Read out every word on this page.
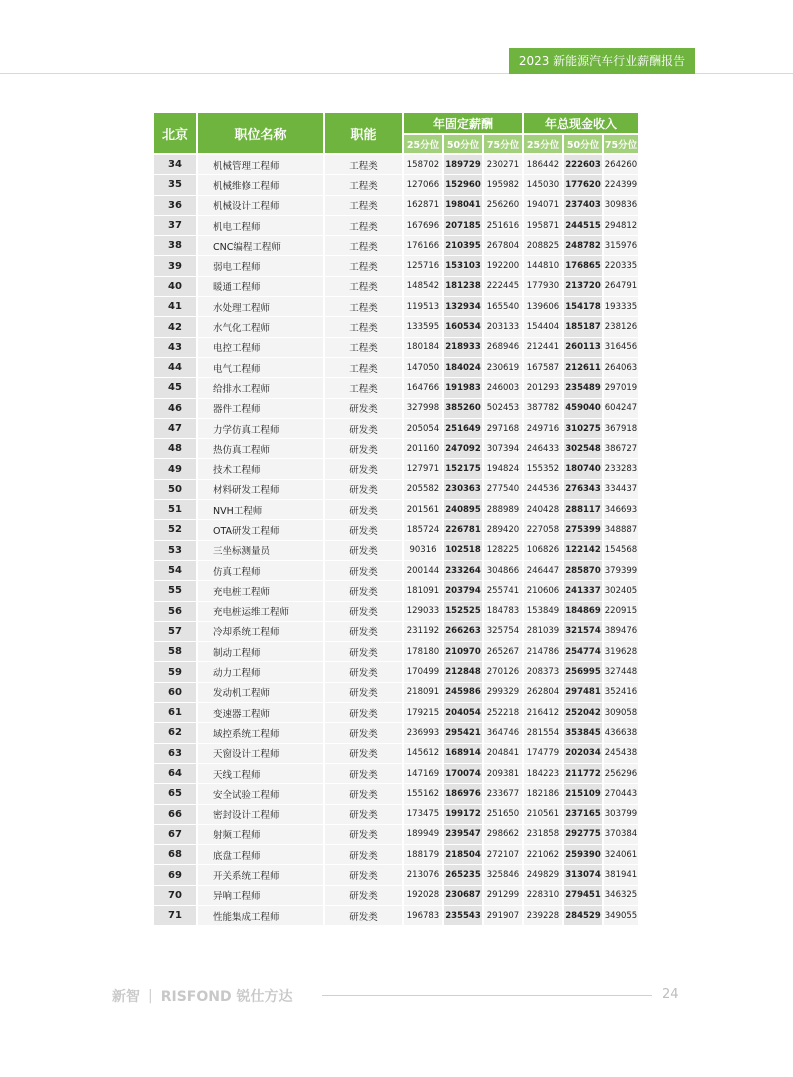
2023 新能源汽车行业薪酬报告
北京	职位名称	职能
年固定薪酬	年总现金收入
25分位 50分位 75分位 25分位 50分位 75分位
34	机械管理工程师	工程类	158702 189729 230271 186442 222603 264260
35	机械维修工程师	工程类	127066 152960 195982 145030 177620 224399
36	机械设计工程师	工程类	162871 198041 256260 194071 237403 309836
37	机电工程师	工程类	167696 207185 251616 195871 244515 294812
38	CNC编程工程师	工程类	176166 210395 267804 208825 248782 315976
39	弱电工程师	工程类	125716 153103 192200 144810 176865 220335
40	暖通工程师	工程类	148542 181238 222445 177930 213720 264791
41	水处理工程师	工程类	119513 132934 165540 139606 154178 193335
42	水气化工程师	工程类	133595 160534 203133 154404 185187 238126
43	电控工程师	工程类	180184 218933 268946 212441 260113 316456
44	电气工程师	工程类	147050 184024 230619 167587 212611 264063
45	给排水工程师	工程类	164766 191983 246003 201293 235489 297019
46	器件工程师	研发类	327998 385260 502453 387782 459040 604247
47	力学仿真工程师	研发类	205054 251649 297168 249716 310275 367918
48	热仿真工程师	研发类	201160 247092 307394 246433 302548 386727
49	技术工程师	研发类	127971 152175 194824 155352 180740 233283
50	材料研发工程师	研发类	205582 230363 277540 244536 276343 334437
51	NVH工程师	研发类	201561 240895 288989 240428 288117 346693
52	OTA研发工程师	研发类	185724 226781 289420 227058 275399 348887
53	三坐标测量员	研发类	90316	102518 128225 106826 122142 154568
54	仿真工程师	研发类	200144 233264 304866 246447 285870 379399
55	充电桩工程师	研发类	181091 203794 255741 210606 241337 302405
56	充电桩运维工程师	研发类	129033 152525 184783 153849 184869 220915
57	冷却系统工程师	研发类	231192 266263 325754 281039 321574 389476
58	制动工程师	研发类	178180 210970 265267 214786 254774 319628
59	动力工程师	研发类	170499 212848 270126 208373 256995 327448
60	发动机工程师	研发类	218091 245986 299329 262804 297481 352416
61	变速器工程师	研发类	179215 204054 252218 216412 252042 309058
62	域控系统工程师	研发类	236993 295421 364746 281554 353845 436638
63	天窗设计工程师	研发类	145612 168914 204841 174779 202034 245438
64	天线工程师	研发类	147169 170074 209381 184223 211772 256296
65	安全试验工程师	研发类	155162 186976 233677 182186 215109 270443
66	密封设计工程师	研发类	173475 199172 251650 210561 237165 303799
67	射频工程师	研发类	189949 239547 298662 231858 292775 370384
68	底盘工程师	研发类	188179 218504 272107 221062 259390 324061
69	开关系统工程师	研发类	213076 265235 325846 249829 313074 381941
70	异响工程师	研发类	192028 230687 291299 228310 279451 346325
71	性能集成工程师	研发类	196783 235543 291907 239228 284529 349055
新智 | RISFOND 锐仕方达	24
